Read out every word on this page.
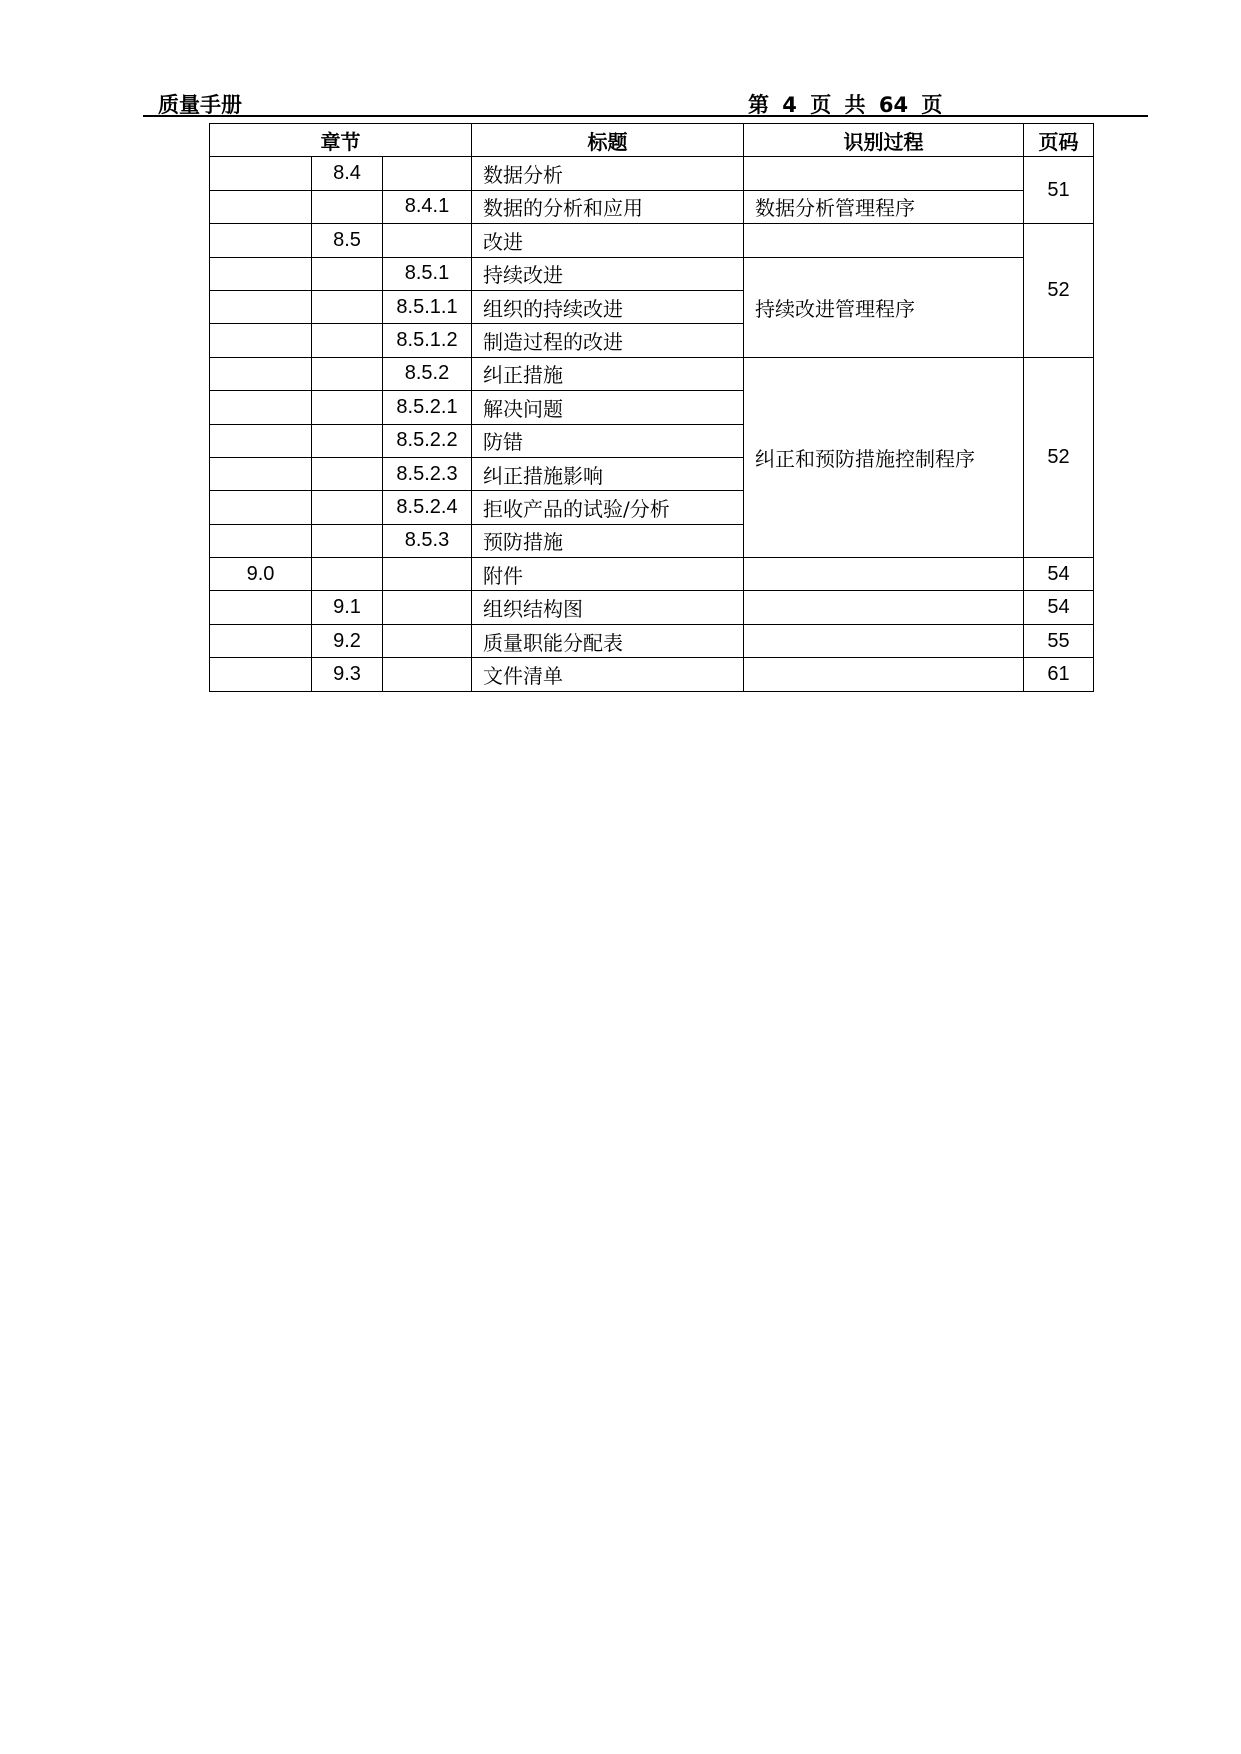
质量手册	第 4 页 共 64 页
章节			标题	识别过程	页码
	8.4		数据分析		51
		8.4.1	数据的分析和应用	数据分析管理程序	
	8.5		改进		52
		8.5.1	持续改进	持续改进管理程序	
		8.5.1.1	组织的持续改进		
		8.5.1.2	制造过程的改进		
		8.5.2	纠正措施	纠正和预防措施控制程序	52
		8.5.2.1	解决问题		
		8.5.2.2	防错		
		8.5.2.3	纠正措施影响		
		8.5.2.4	拒收产品的试验/分析		
		8.5.3	预防措施		
9.0			附件		54
	9.1		组织结构图		54
	9.2		质量职能分配表		55
	9.3		文件清单		61
